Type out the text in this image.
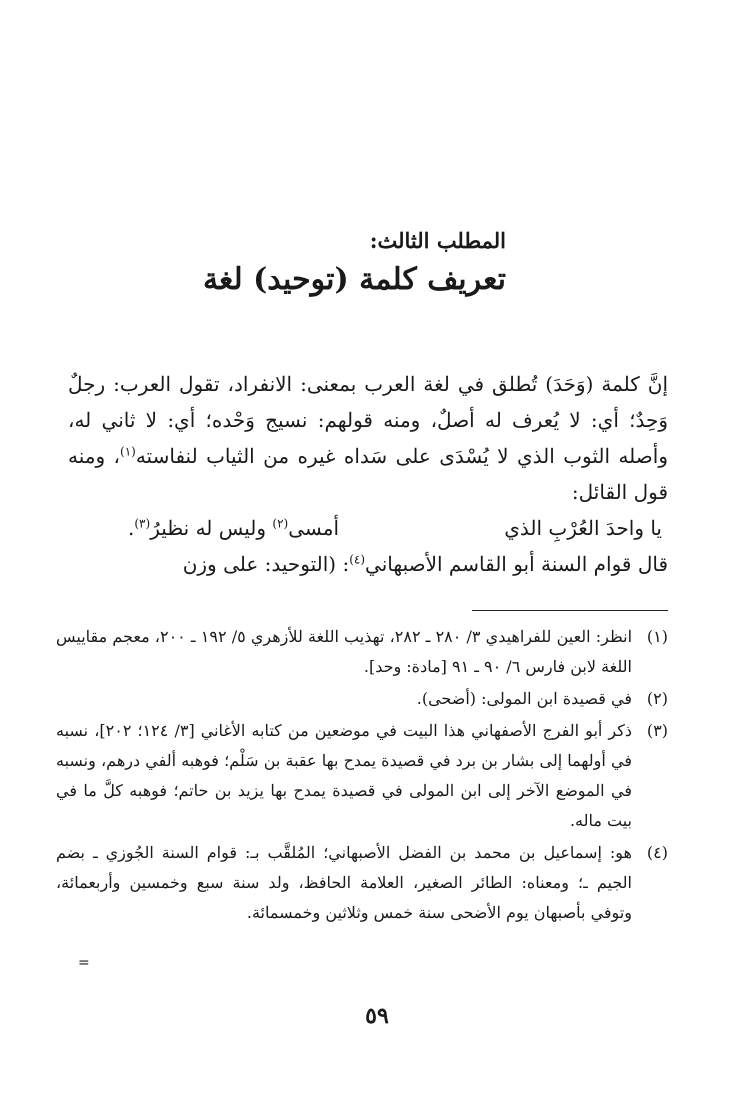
المطلب الثالث:
تعريف كلمة (توحيد) لغة

إنَّ كلمة (وَحَدَ) تُطلق في لغة العرب بمعنى: الانفراد، تقول العرب: رجلٌ وَحِدٌ؛ أي: لا يُعرف له أصلٌ، ومنه قولهم: نسيج وَحْده؛ أي: لا ثاني له، وأصله الثوب الذي لا يُسْدَى على سَداه غيره من الثياب لنفاسته$^{(١)}$، ومنه قول القائل:

يا واحدَ العُرْبِ الذي
أمسى$^{(٢)}$ وليس له نظيرُ$^{(٣)}$.

قال قوام السنة أبو القاسم الأصبهاني$^{(٤)}$: (التوحيد: على وزن

(١)
انظر: العين للفراهيدي ٣/ ٢٨٠ ـ ٢٨٢، تهذيب اللغة للأزهري ٥/ ١٩٢ ـ ٢٠٠، معجم مقاييس اللغة لابن فارس ٦/ ٩٠ ـ ٩١ [مادة: وحد].
(٢)
في قصيدة ابن المولى: (أضحى).
(٣)
ذكر أبو الفرج الأصفهاني هذا البيت في موضعين من كتابه الأغاني [٣/ ١٢٤؛ ٢٠٢]، نسبه في أولهما إلى بشار بن برد في قصيدة يمدح بها عقبة بن سَلْم؛ فوهبه ألفي درهم، ونسبه في الموضع الآخر إلى ابن المولى في قصيدة يمدح بها يزيد بن حاتم؛ فوهبه كلَّ ما في بيت ماله.
(٤)
هو: إسماعيل بن محمد بن الفضل الأصبهاني؛ المُلقَّب بـ: قوام السنة الجُوزي ـ بضم الجيم ـ؛ ومعناه: الطائر الصغير، العلامة الحافظ، ولد سنة سبع وخمسين وأربعمائة، وتوفي بأصبهان يوم الأضحى سنة خمس وثلاثين وخمسمائة.
=
٥٩
